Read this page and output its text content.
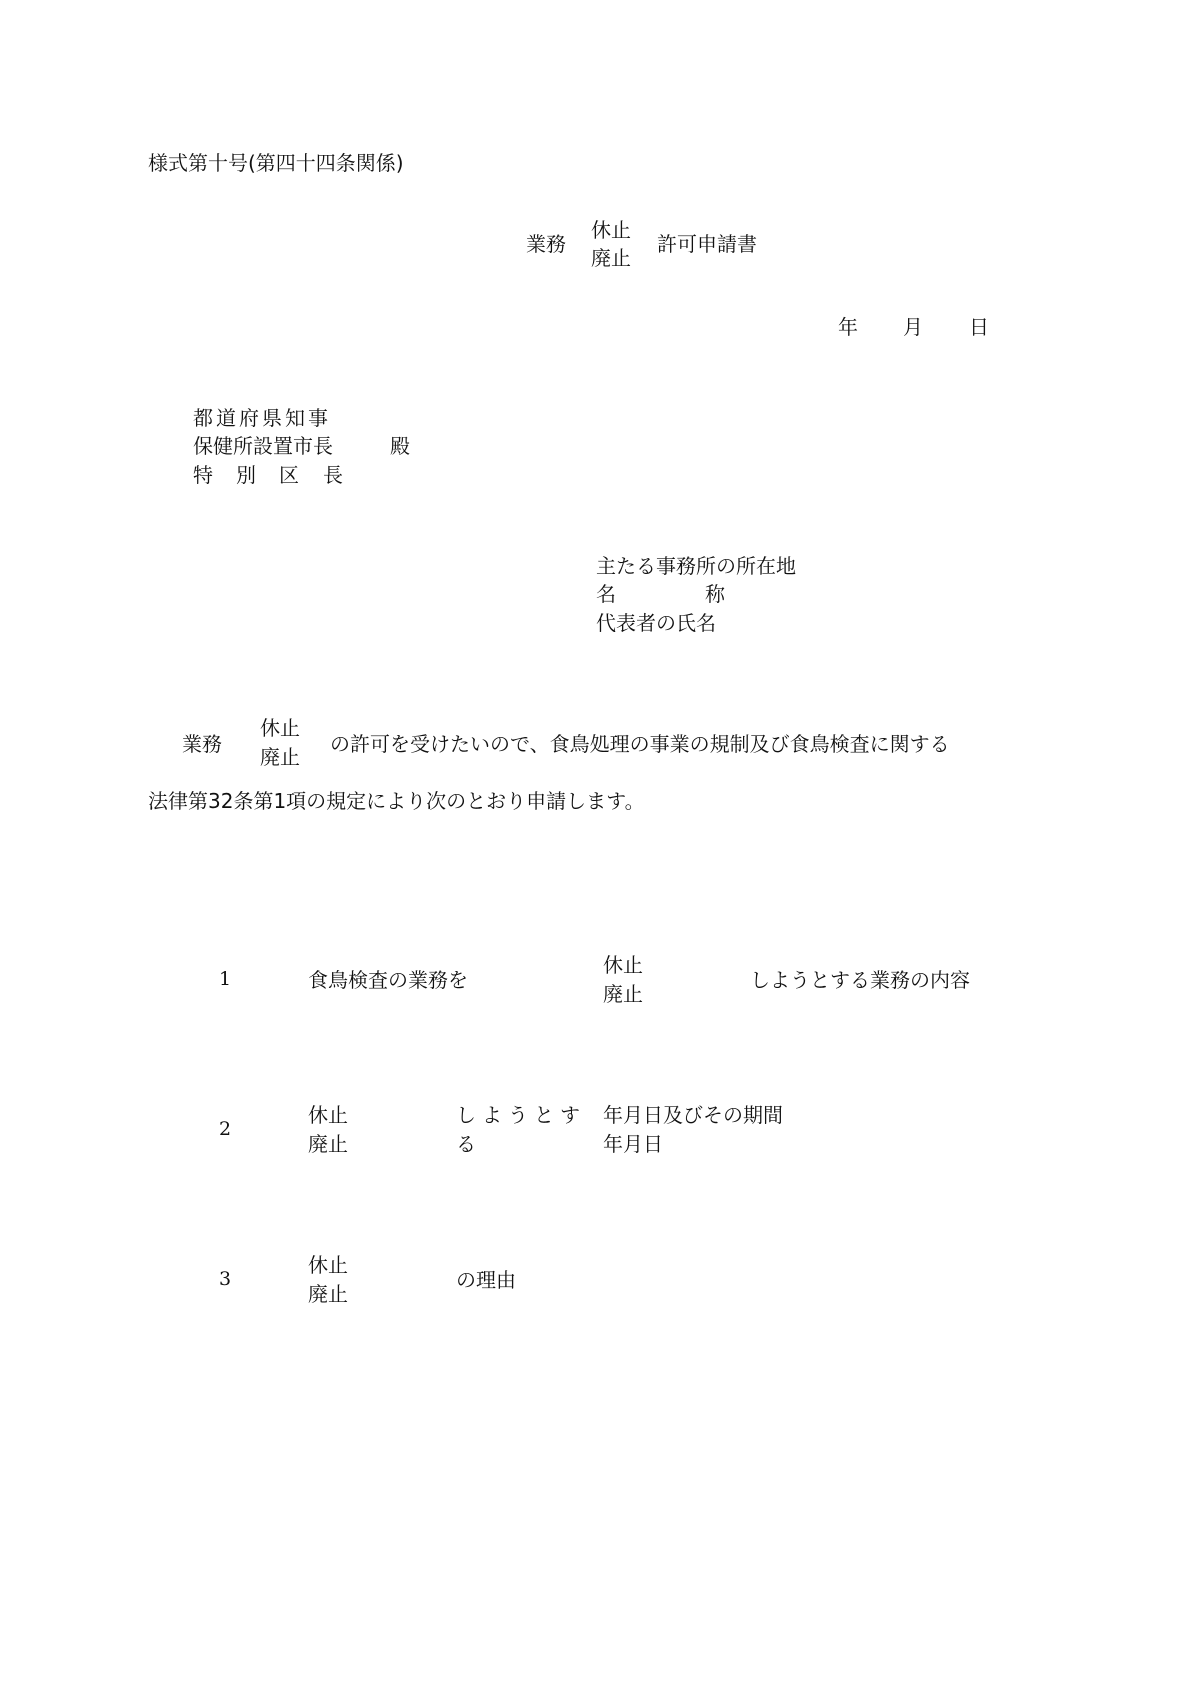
様式第十号(第四十四条関係)
業務
休止
廃止
許可申請書
年 月 日
都道府県知事
保健所設置市長
特 別 区 長
殿
主たる事務所の所在地
名	称
代表者の氏名
業務
休止
廃止
の許可を受けたいので、食鳥処理の事業の規制及び食鳥検査に関する
法律第32条第1項の規定により次のとおり申請します。
1	食鳥検査の業務を
休止
廃止
しようとする業務の内容
2
休止
廃止
しようとす
る
年月日及びその期間
年月日
3
休止
廃止
の理由
